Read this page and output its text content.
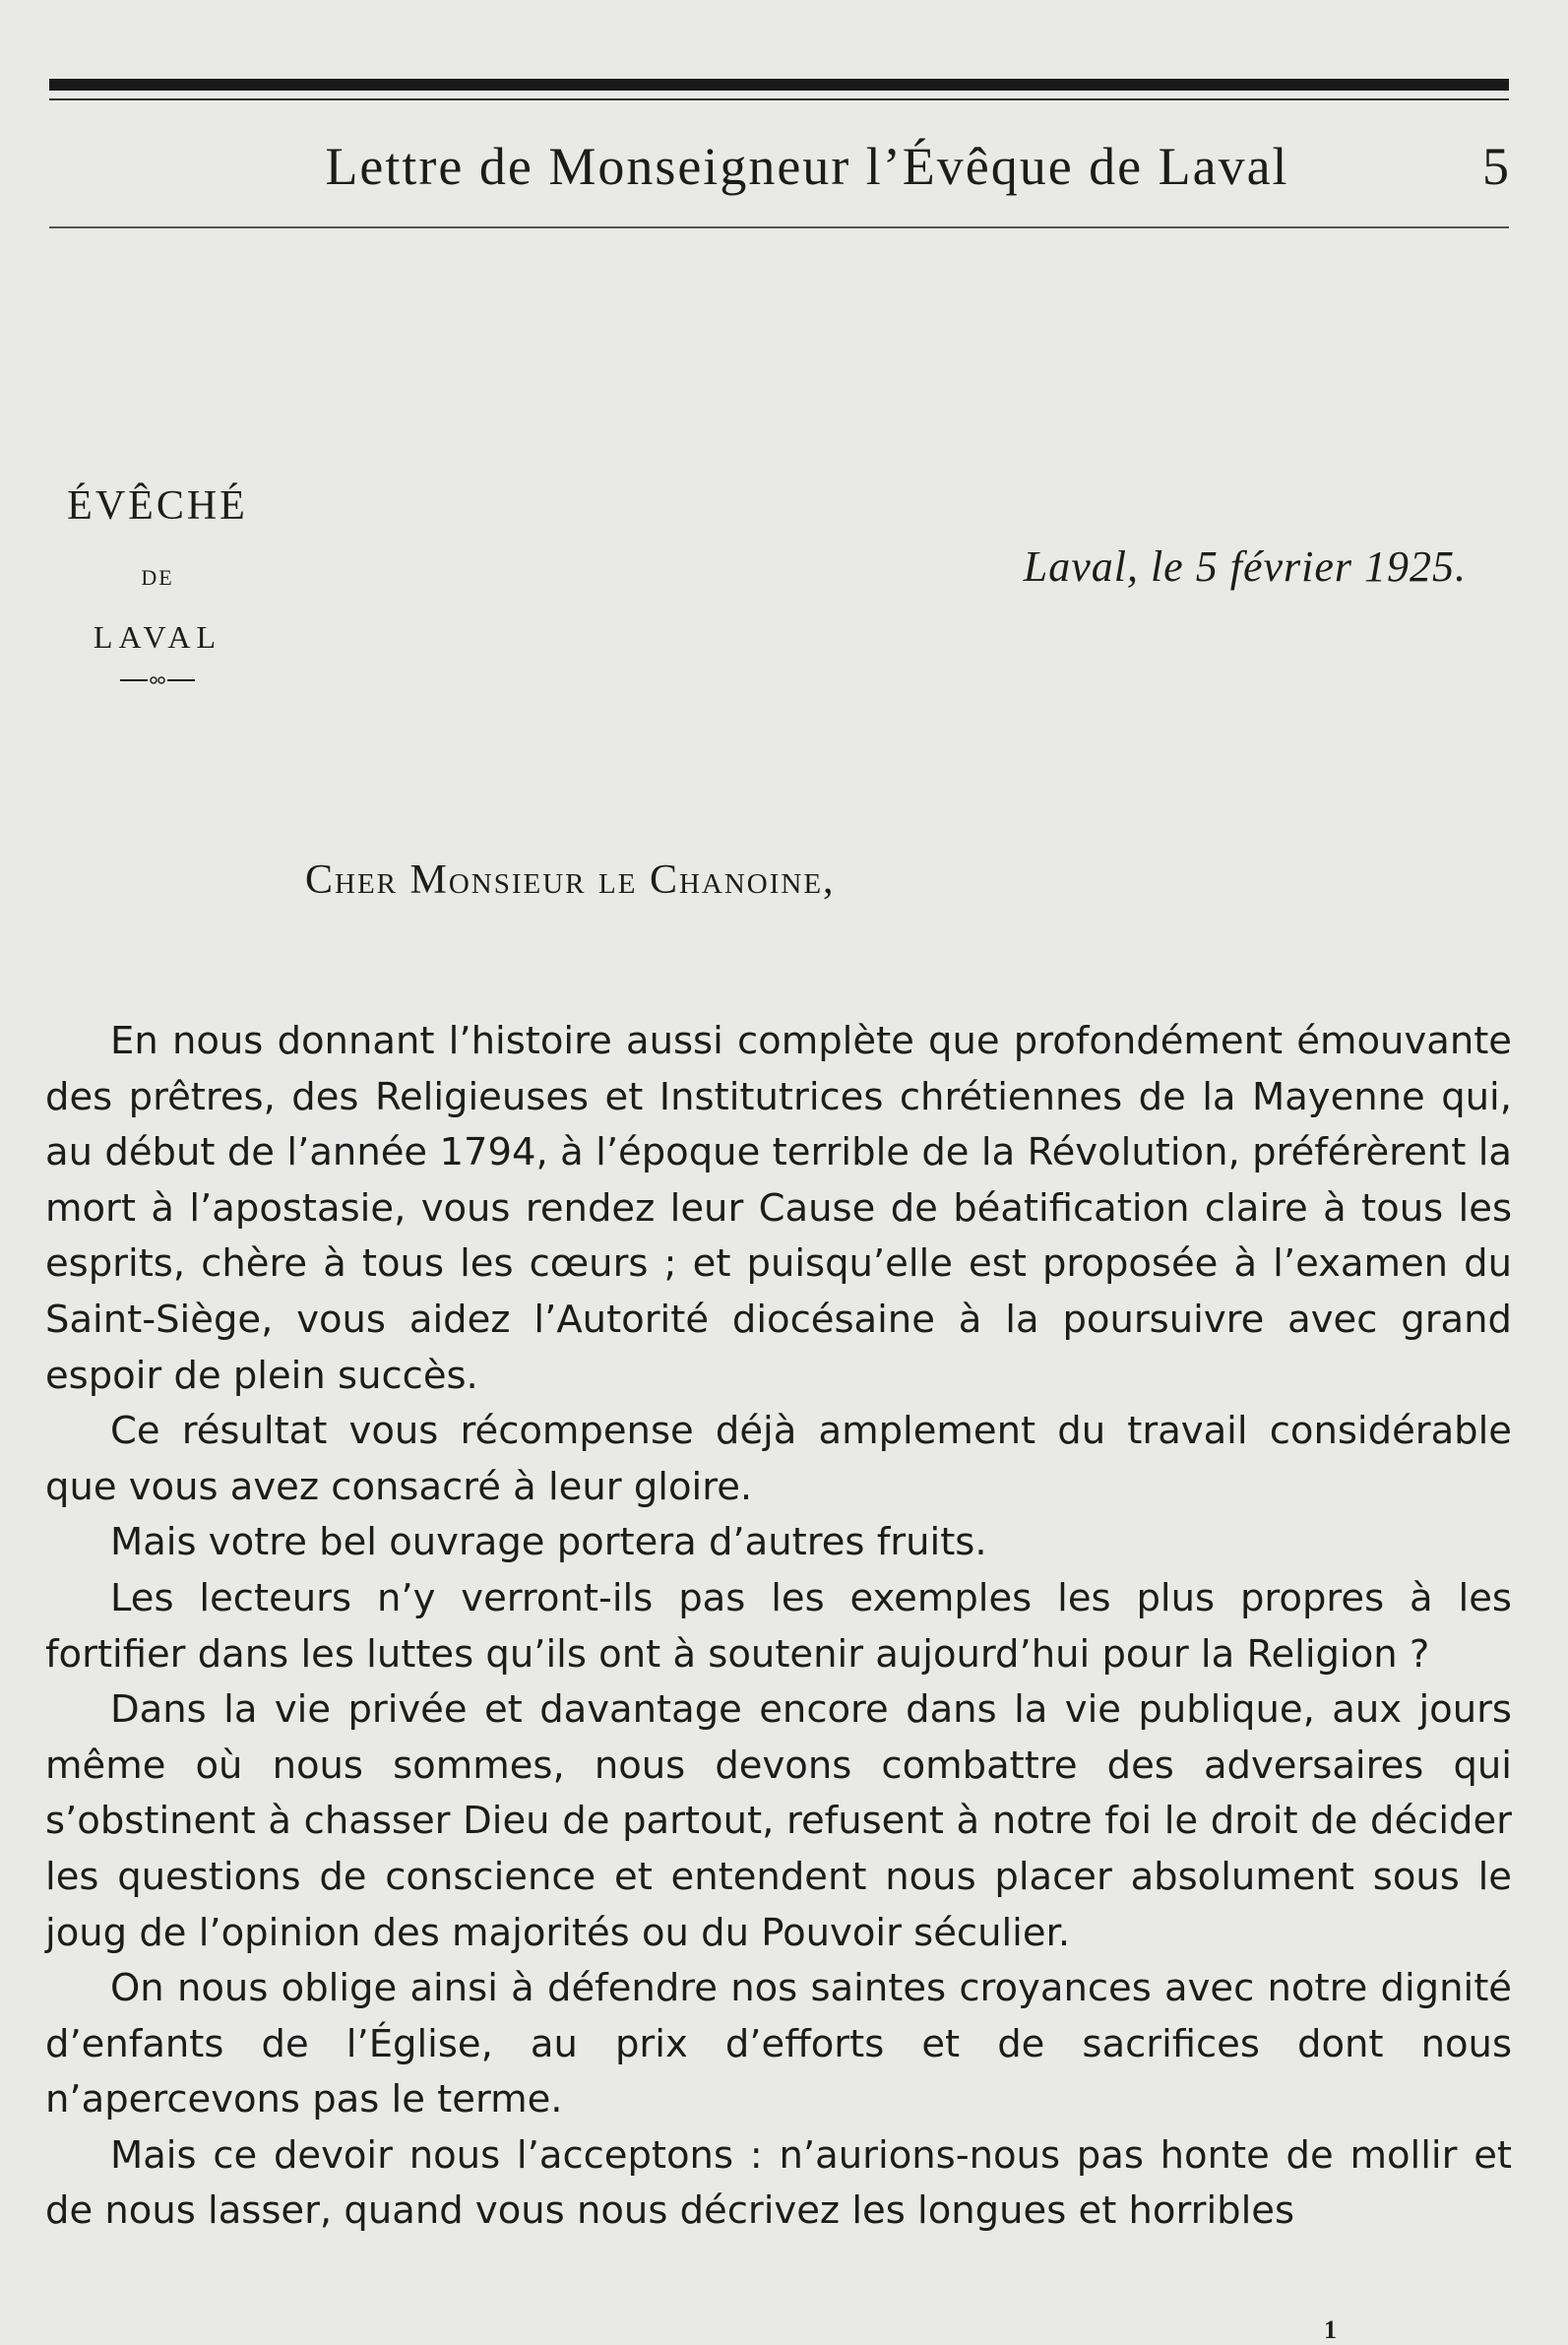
Lettre de Monseigneur l’Évêque de Laval	5
ÉVÊCHÉ
DE
LAVAL
Laval, le 5 février 1925.
Cher Monsieur le Chanoine,

En nous donnant l’histoire aussi complète que profondément émouvante des prêtres, des Religieuses et Institutrices chrétiennes de la Mayenne qui, au début de l’année 1794, à l’époque terrible de la Révolution, préférèrent la mort à l’apostasie, vous rendez leur Cause de béatification claire à tous les esprits, chère à tous les cœurs ; et puisqu’elle est proposée à l’examen du Saint-Siège, vous aidez l’Autorité diocésaine à la poursuivre avec grand espoir de plein succès.

Ce résultat vous récompense déjà amplement du travail considérable que vous avez consacré à leur gloire.

Mais votre bel ouvrage portera d’autres fruits.

Les lecteurs n’y verront-ils pas les exemples les plus propres à les fortifier dans les luttes qu’ils ont à soutenir aujourd’hui pour la Religion ?

Dans la vie privée et davantage encore dans la vie publique, aux jours même où nous sommes, nous devons combattre des adversaires qui s’obstinent à chasser Dieu de partout, refusent à notre foi le droit de décider les questions de conscience et entendent nous placer absolument sous le joug de l’opinion des majorités ou du Pouvoir séculier.

On nous oblige ainsi à défendre nos saintes croyances avec notre dignité d’enfants de l’Église, au prix d’efforts et de sacrifices dont nous n’apercevons pas le terme.

Mais ce devoir nous l’acceptons : n’aurions-nous pas honte de mollir et de nous lasser, quand vous nous décrivez les longues et horribles

1
